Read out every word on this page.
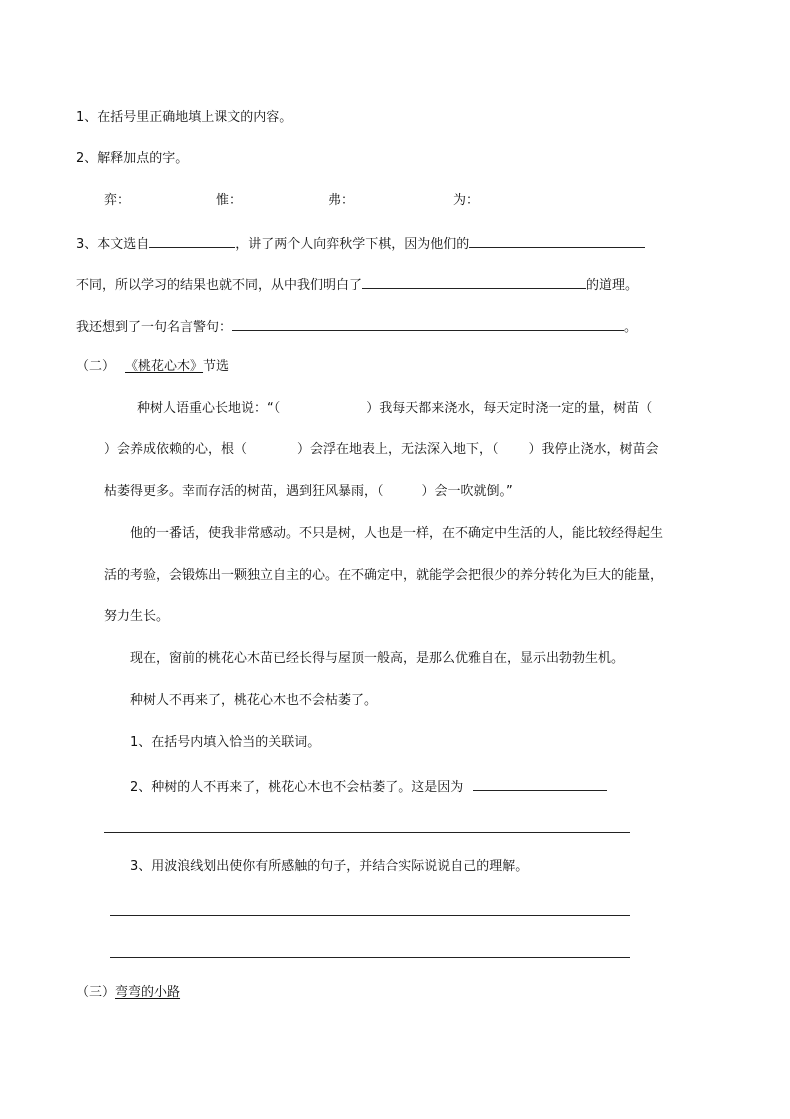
1、在括号里正确地填上课文的内容。
2、解释加点的字。
弈：	惟：	弗：	为：
3、本文选自	，讲了两个人向弈秋学下棋，因为他们的
不同，所以学习的结果也就不同，从中我们明白了	的道理。
我还想到了一句名言警句：	。
（二） 《桃花心木》节选
种树人语重心长地说：“（	）我每天都来浇水，每天定时浇一定的量，树苗（
）会养成依赖的心，根（	）会浮在地表上，无法深入地下，（ ）我停止浇水，树苗会
枯萎得更多。幸而存活的树苗，遇到狂风暴雨，（	）会一吹就倒。”
他的一番话，使我非常感动。不只是树，人也是一样，在不确定中生活的人，能比较经得起生
活的考验，会锻炼出一颗独立自主的心。在不确定中，就能学会把很少的养分转化为巨大的能量，
努力生长。
现在，窗前的桃花心木苗已经长得与屋顶一般高，是那么优雅自在，显示出勃勃生机。
种树人不再来了，桃花心木也不会枯萎了。
1、在括号内填入恰当的关联词。
2、种树的人不再来了，桃花心木也不会枯萎了。这是因为
3、用波浪线划出使你有所感触的句子，并结合实际说说自己的理解。
（三）弯弯的小路
